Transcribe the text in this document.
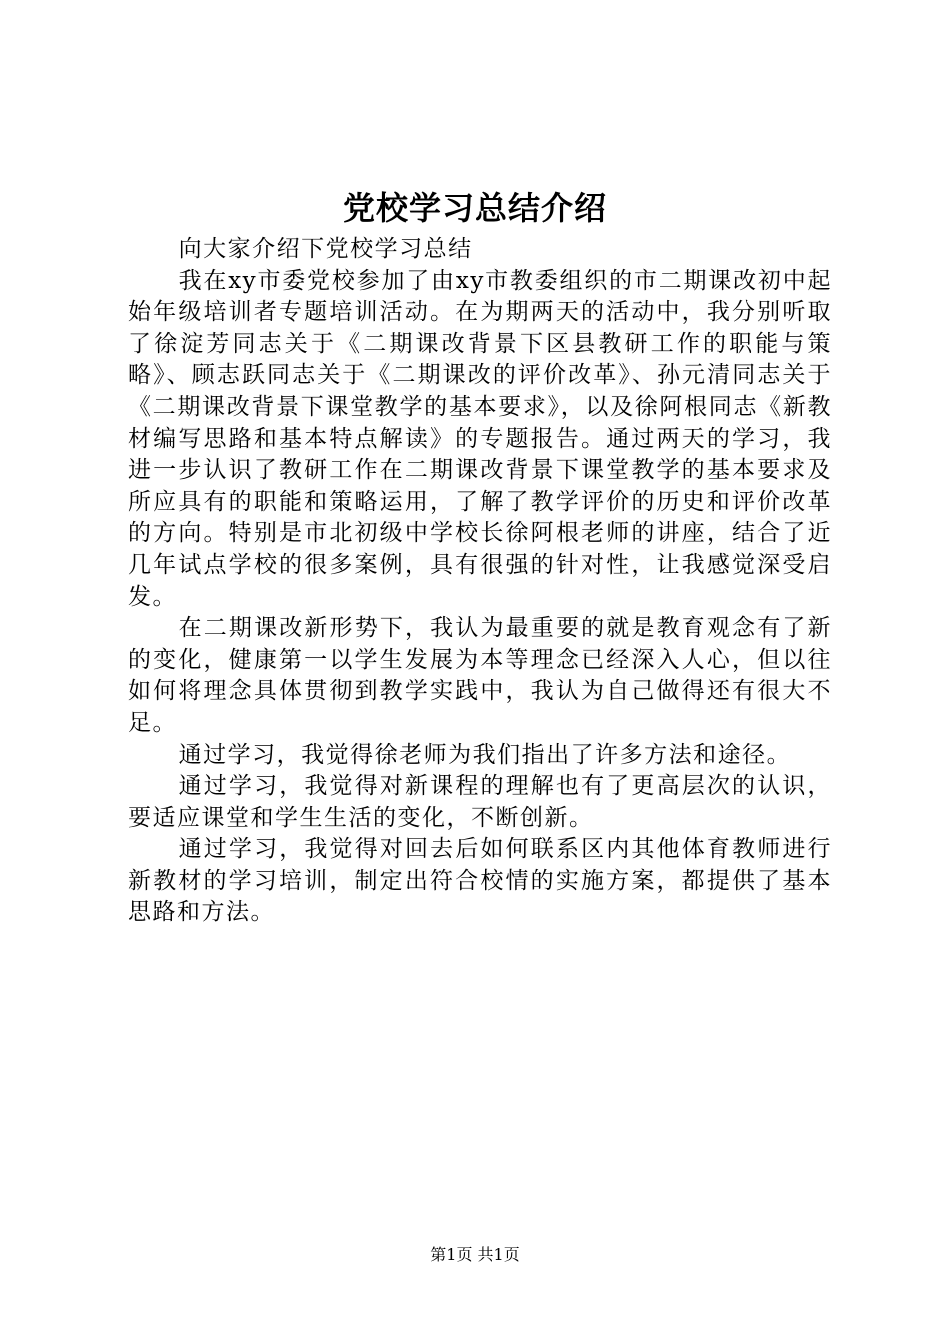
党校学习总结介绍

向大家介绍下党校学习总结

我在xy市委党校参加了由xy市教委组织的市二期课改初中起始年级培训者专题培训活动。在为期两天的活动中，我分别听取了徐淀芳同志关于《二期课改背景下区县教研工作的职能与策略》、顾志跃同志关于《二期课改的评价改革》、孙元清同志关于《二期课改背景下课堂教学的基本要求》，以及徐阿根同志《新教材编写思路和基本特点解读》的专题报告。通过两天的学习，我进一步认识了教研工作在二期课改背景下课堂教学的基本要求及所应具有的职能和策略运用，了解了教学评价的历史和评价改革的方向。特别是市北初级中学校长徐阿根老师的讲座，结合了近几年试点学校的很多案例，具有很强的针对性，让我感觉深受启发。

在二期课改新形势下，我认为最重要的就是教育观念有了新的变化，健康第一以学生发展为本等理念已经深入人心，但以往如何将理念具体贯彻到教学实践中，我认为自己做得还有很大不足。

通过学习，我觉得徐老师为我们指出了许多方法和途径。

通过学习，我觉得对新课程的理解也有了更高层次的认识，要适应课堂和学生生活的变化，不断创新。

通过学习，我觉得对回去后如何联系区内其他体育教师进行新教材的学习培训，制定出符合校情的实施方案，都提供了基本思路和方法。

第1页 共1页
